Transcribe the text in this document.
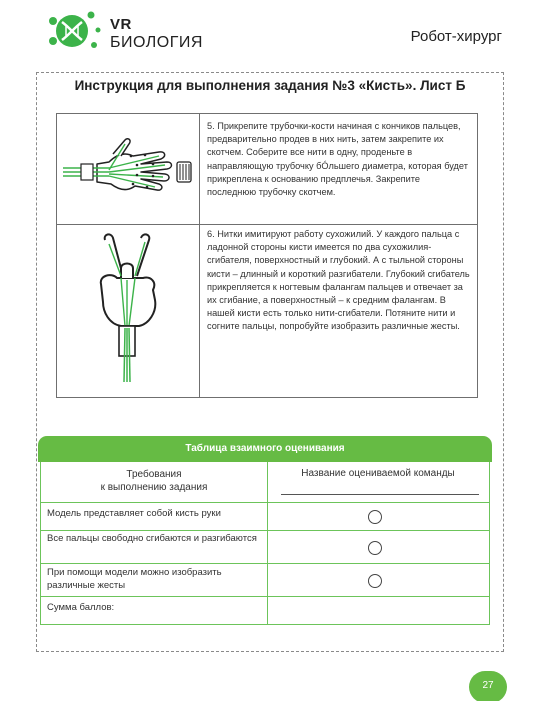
VR
БИОЛОГИЯ	Робот-хирург
Инструкция для выполнения задания №3 «Кисть». Лист Б
5. Прикрепите трубочки-кости начиная с кончиков пальцев, предварительно продев в них нить, затем закрепите их скотчем. Соберите все нити в одну, проденьте в направляющую трубочку бÓльшего диаметра, которая будет прикреплена к основанию предплечья. Закрепите последнюю трубочку скотчем.
6. Нитки имитируют работу сухожилий. У каждого пальца с ладонной стороны кисти имеется по два сухожилия-сгибателя, поверхностный и глубокий. А с тыльной стороны кисти – длинный и короткий разгибатели. Глубокий сгибатель прикрепляется к ногтевым фалангам пальцев и отвечает за их сгибание, а поверхностный – к средним фалангам. В нашей кисти есть только нити-сгибатели. Потяните нити и согните пальцы, попробуйте изобразить различные жесты.
Таблица взаимного оценивания
Требования
к выполнению задания
Название оцениваемой команды
Модель представляет собой кисть руки
Все пальцы свободно сгибаются и разгибаются
При помощи модели можно изобразить различные жесты
Сумма баллов:
27
